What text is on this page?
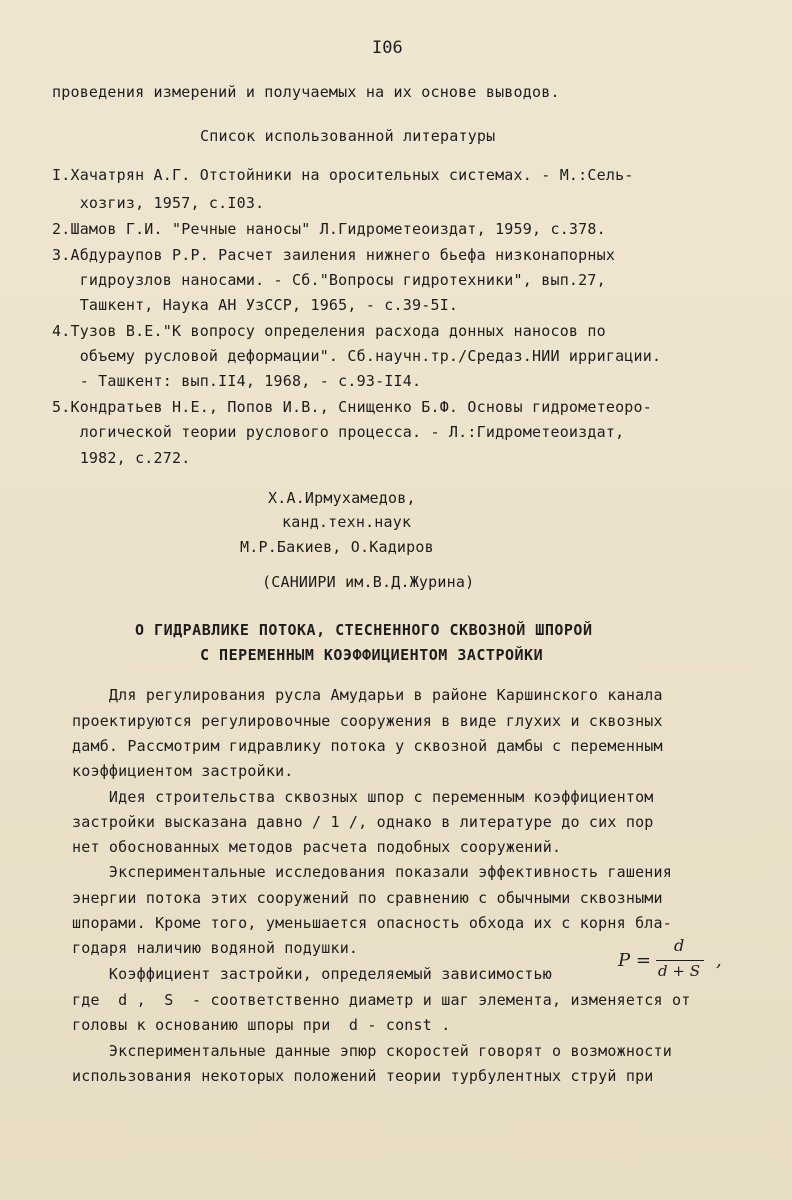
I06
проведения измерений и получаемых на их основе выводов.
Список использованной литературы
I.Хачатрян А.Г. Отстойники на оросительных системах. - М.:Сель-
хозгиз, 1957, с.I03.
2.Шамов Г.И. "Речные наносы" Л.Гидрометеоиздат, 1959, с.378.
3.Абдураупов Р.Р. Расчет заиления нижнего бьефа низконапорных
гидроузлов наносами. - Сб."Вопросы гидротехники", вып.27,
Ташкент, Наука АН УзССР, 1965, - с.39-5I.
4.Тузов В.Е."К вопросу определения расхода донных наносов по
объему русловой деформации". Сб.научн.тр./Средаз.НИИ ирригации.
- Ташкент: вып.II4, 1968, - с.93-II4.
5.Кондратьев Н.Е., Попов И.В., Снищенко Б.Ф. Основы гидрометеоро-
логической теории руслового процесса. - Л.:Гидрометеоиздат,
1982, с.272.
Х.А.Ирмухамедов,
канд.техн.наук
М.Р.Бакиев, О.Кадиров
(САНИИРИ им.В.Д.Журина)
О ГИДРАВЛИКЕ ПОТОКА, СТЕСНЕННОГО СКВОЗНОЙ ШПОРОЙ
С ПЕРЕМЕННЫМ КОЭФФИЦИЕНТОМ ЗАСТРОЙКИ
Для регулирования русла Амударьи в районе Каршинского канала
проектируются регулировочные сооружения в виде глухих и сквозных
дамб. Рассмотрим гидравлику потока у сквозной дамбы с переменным
коэффициентом застройки.
Идея строительства сквозных шпор с переменным коэффициентом
застройки высказана давно / 1 /, однако в литературе до сих пор
нет обоснованных методов расчета подобных сооружений.
Экспериментальные исследования показали эффективность гашения
энергии потока этих сооружений по сравнению с обычными сквозными
шпорами. Кроме того, уменьшается опасность обхода их с корня бла-
годаря наличию водяной подушки.
Коэффициент застройки, определяемый зависимостью
где  d ,  S  - соответственно диаметр и шаг элемента, изменяется от
головы к основанию шпоры при  d - const .
Экспериментальные данные эпюр скоростей говорят о возможности
использования некоторых положений теории турбулентных струй при
P =
d
d + S ,
